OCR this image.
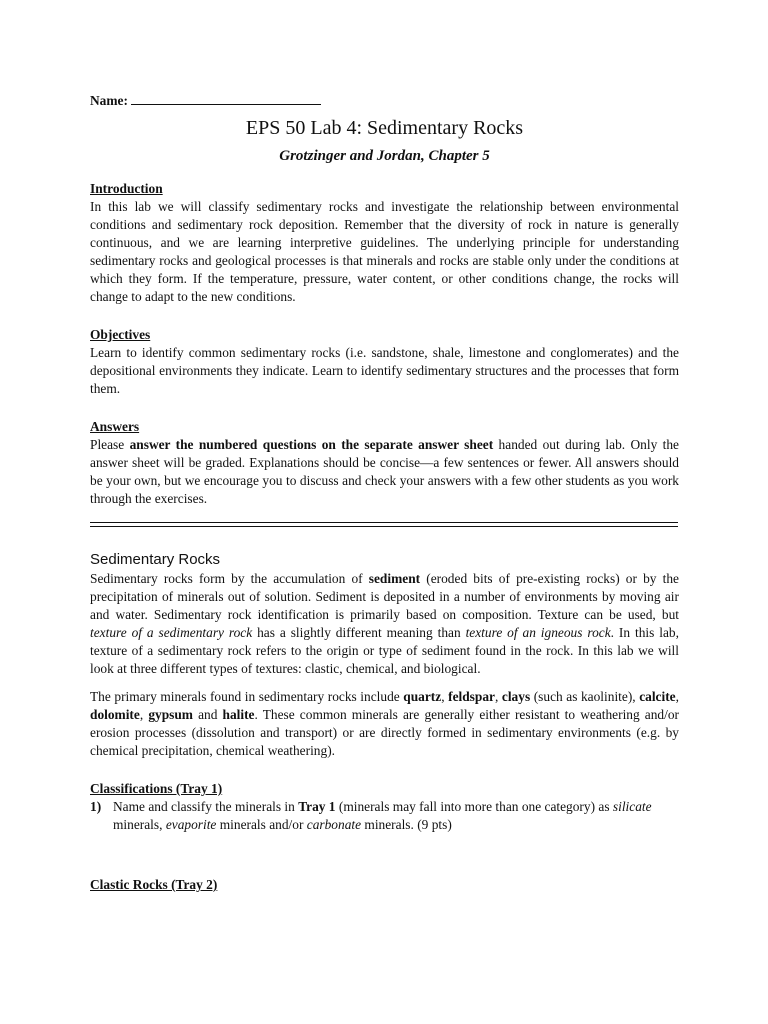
Name:

EPS 50 Lab 4: Sedimentary Rocks
Grotzinger and Jordan, Chapter 5
Introduction

In this lab we will classify sedimentary rocks and investigate the relationship between environmental conditions and sedimentary rock deposition. Remember that the diversity of rock in nature is generally continuous, and we are learning interpretive guidelines. The underlying principle for understanding sedimentary rocks and geological processes is that minerals and rocks are stable only under the conditions at which they form. If the temperature, pressure, water content, or other conditions change, the rocks will change to adapt to the new conditions.

Objectives

Learn to identify common sedimentary rocks (i.e. sandstone, shale, limestone and conglomerates) and the depositional environments they indicate. Learn to identify sedimentary structures and the processes that form them.

Answers

Please answer the numbered questions on the separate answer sheet handed out during lab. Only the answer sheet will be graded. Explanations should be concise—a few sentences or fewer. All answers should be your own, but we encourage you to discuss and check your answers with a few other students as you work through the exercises.

Sedimentary Rocks

Sedimentary rocks form by the accumulation of sediment (eroded bits of pre-existing rocks) or by the precipitation of minerals out of solution. Sediment is deposited in a number of environments by moving air and water. Sedimentary rock identification is primarily based on composition. Texture can be used, but texture of a sedimentary rock has a slightly different meaning than texture of an igneous rock. In this lab, texture of a sedimentary rock refers to the origin or type of sediment found in the rock. In this lab we will look at three different types of textures: clastic, chemical, and biological.

The primary minerals found in sedimentary rocks include quartz, feldspar, clays (such as kaolinite), calcite, dolomite, gypsum and halite. These common minerals are generally either resistant to weathering and/or erosion processes (dissolution and transport) or are directly formed in sedimentary environments (e.g. by chemical precipitation, chemical weathering).

Classifications (Tray 1)
1) Name and classify the minerals in Tray 1 (minerals may fall into more than one category) as silicate minerals, evaporite minerals and/or carbonate minerals. (9 pts)
Clastic Rocks (Tray 2)
